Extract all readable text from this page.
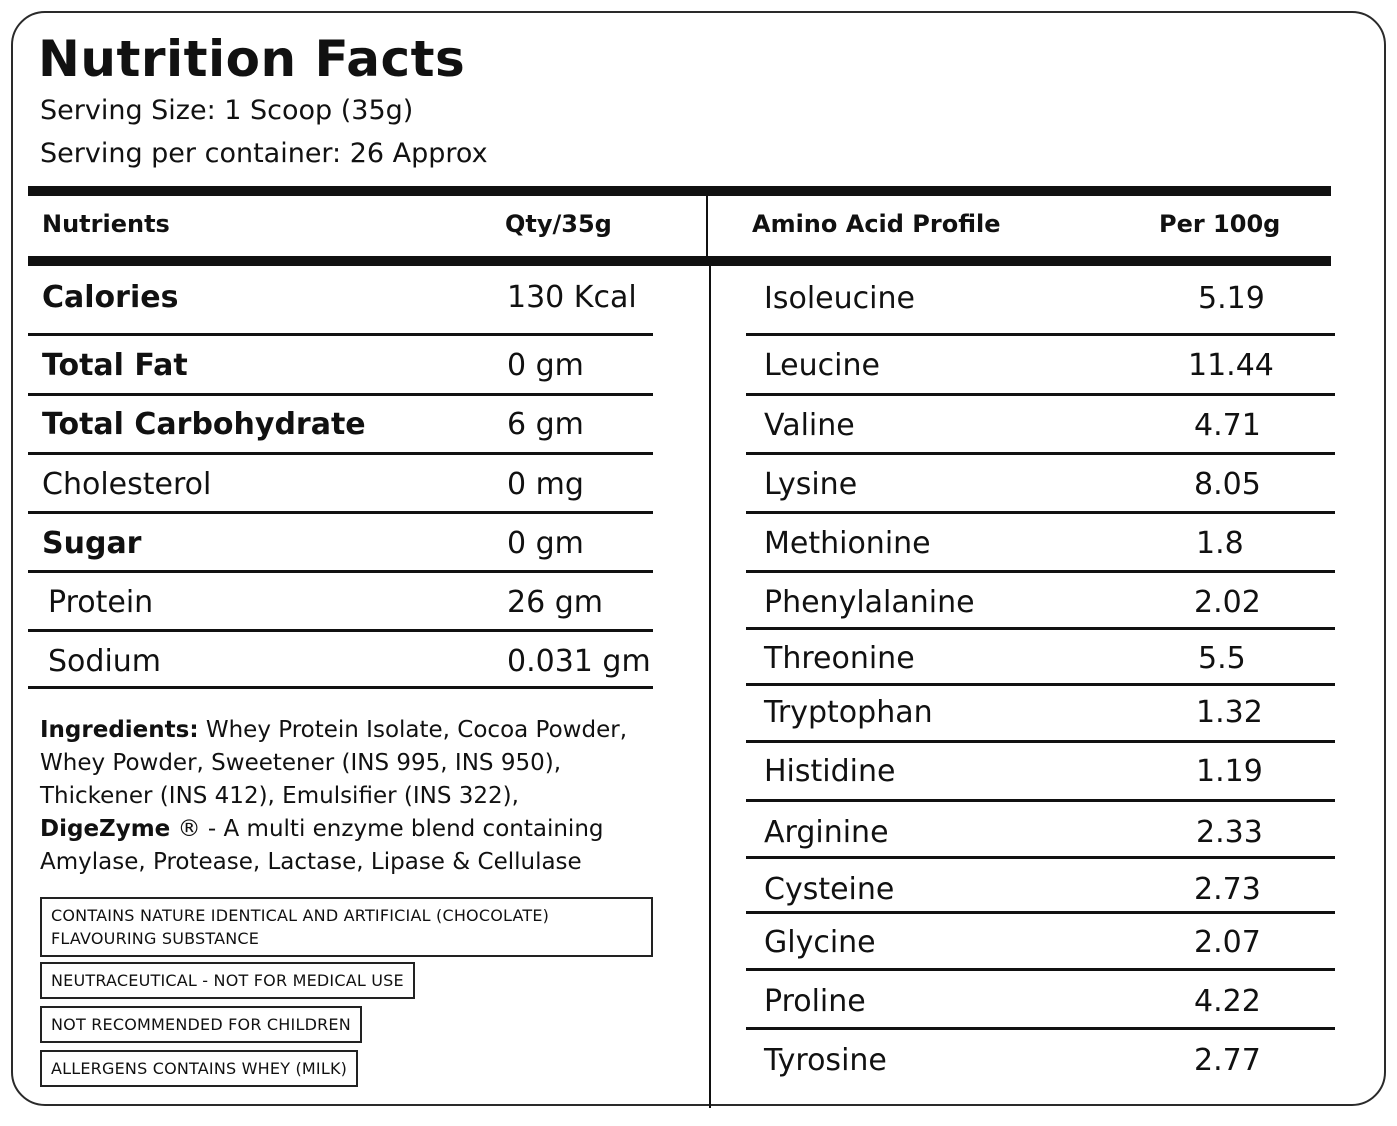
Nutrition Facts
Serving Size: 1 Scoop (35g)
Serving per container: 26 Approx
Nutrients	Qty/35g	Amino Acid Profile	Per 100g
Calories	130 Kcal
Total Fat	0 gm
Total Carbohydrate	6 gm
Cholesterol	0 mg
Sugar	0 gm
Protein	26 gm
Sodium	0.031 gm
Isoleucine	5.19
Leucine	11.44
Valine	4.71
Lysine	8.05
Methionine	1.8
Phenylalanine	2.02
Threonine	5.5
Tryptophan	1.32
Histidine	1.19
Arginine	2.33
Cysteine	2.73
Glycine	2.07
Proline	4.22
Tyrosine	2.77
Ingredients: Whey Protein Isolate, Cocoa Powder, Whey Powder, Sweetener (INS 995, INS 950), Thickener (INS 412), Emulsifier (INS 322),
DigeZyme ® - A multi enzyme blend containing Amylase, Protease, Lactase, Lipase & Cellulase
CONTAINS NATURE IDENTICAL AND ARTIFICIAL (CHOCOLATE) FLAVOURING SUBSTANCE
NEUTRACEUTICAL - NOT FOR MEDICAL USE
NOT RECOMMENDED FOR CHILDREN
ALLERGENS CONTAINS WHEY (MILK)
